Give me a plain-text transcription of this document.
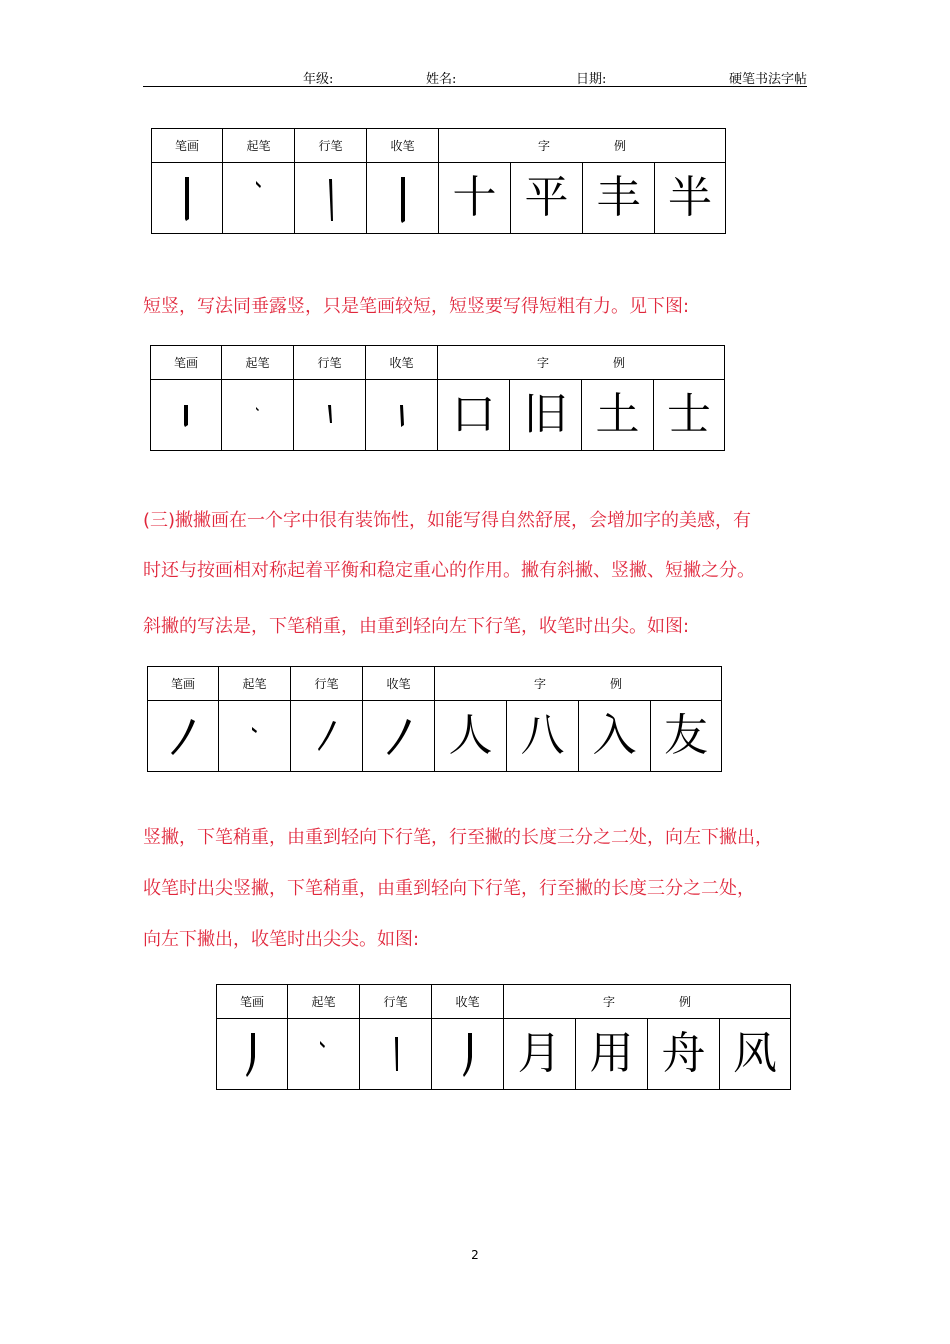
年级:	姓名:	日期:	硬笔书法字帖
笔画	起笔	行笔	收笔	字 例			

	十	平	丰	半
短竖，写法同垂露竖，只是笔画较短，短竖要写得短粗有力。见下图:
笔画	起笔	行笔	收笔	字 例			

	口	旧	土	士
(三)撇撇画在一个字中很有装饰性，如能写得自然舒展，会增加字的美感，有
时还与按画相对称起着平衡和稳定重心的作用。撇有斜撇、竖撇、短撇之分。
斜撇的写法是，下笔稍重，由重到轻向左下行笔，收笔时出尖。如图:
笔画	起笔	行笔	收笔	字 例			

	人	八	入	友
竖撇，下笔稍重，由重到轻向下行笔，行至撇的长度三分之二处，向左下撇出，
收笔时出尖竖撇，下笔稍重，由重到轻向下行笔，行至撇的长度三分之二处，
向左下撇出，收笔时出尖尖。如图:
笔画	起笔	行笔	收笔	字 例			

	月	用	舟	风
2
